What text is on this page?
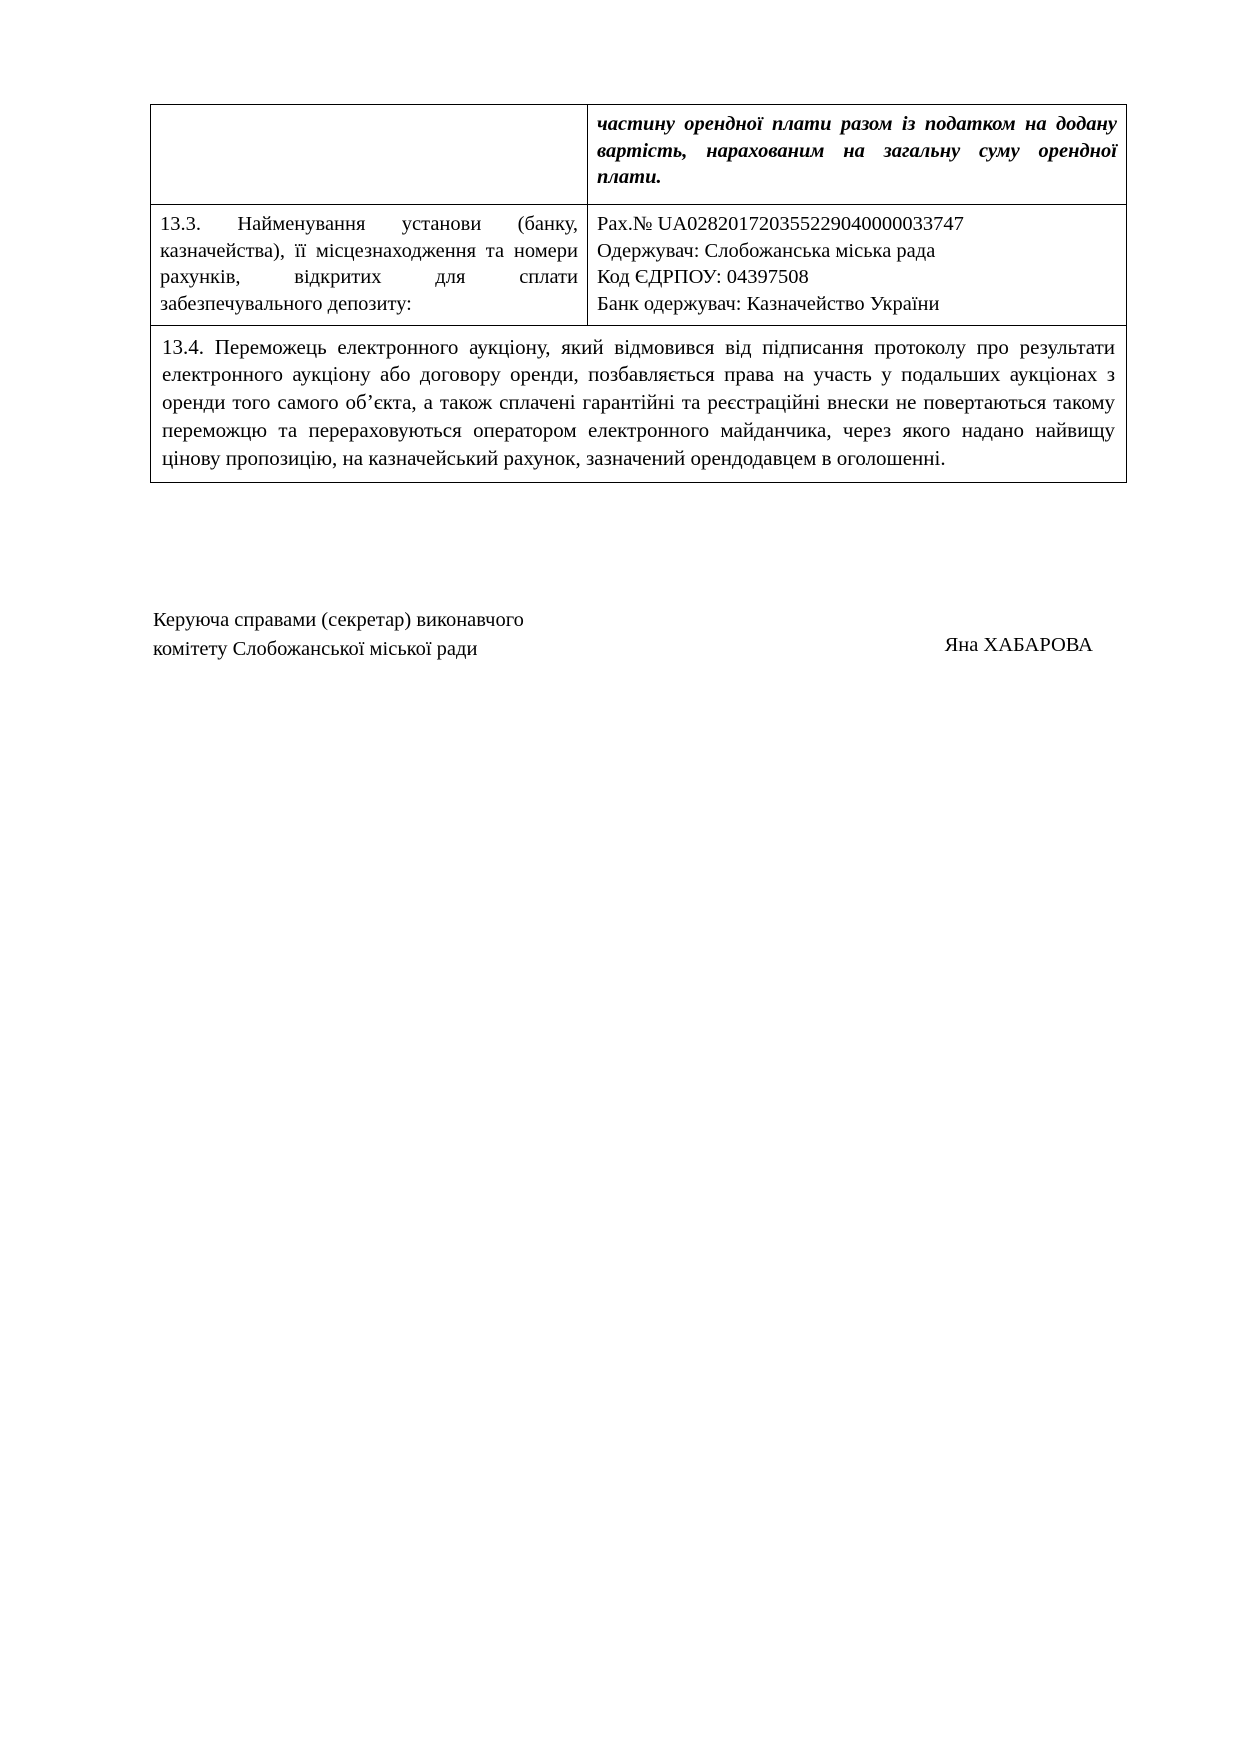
	частину орендної плати разом із податком на додану вартість, нарахованим на загальну суму орендної плати.
13.3. Найменування установи (банку, казначейства), її місцезнаходження та номери рахунків, відкритих для сплати забезпечувального депозиту:	Рах.№ UA028201720355229040000033747
Одержувач: Слобожанська міська рада
Код ЄДРПОУ: 04397508
Банк одержувач: Казначейство України

13.4. Переможець електронного аукціону, який відмовився від підписання протоколу про результати електронного аукціону або договору оренди, позбавляється права на участь у подальших аукціонах з оренди того самого об’єкта, а також сплачені гарантійні та реєстраційні внески не повертаються такому переможцю та перераховуються оператором електронного майданчика, через якого надано найвищу цінову пропозицію, на казначейський рахунок, зазначений орендодавцем в оголошенні.	
Керуюча справами (секретар) виконавчого
комітету Слобожанської міської ради	Яна ХАБАРОВА
